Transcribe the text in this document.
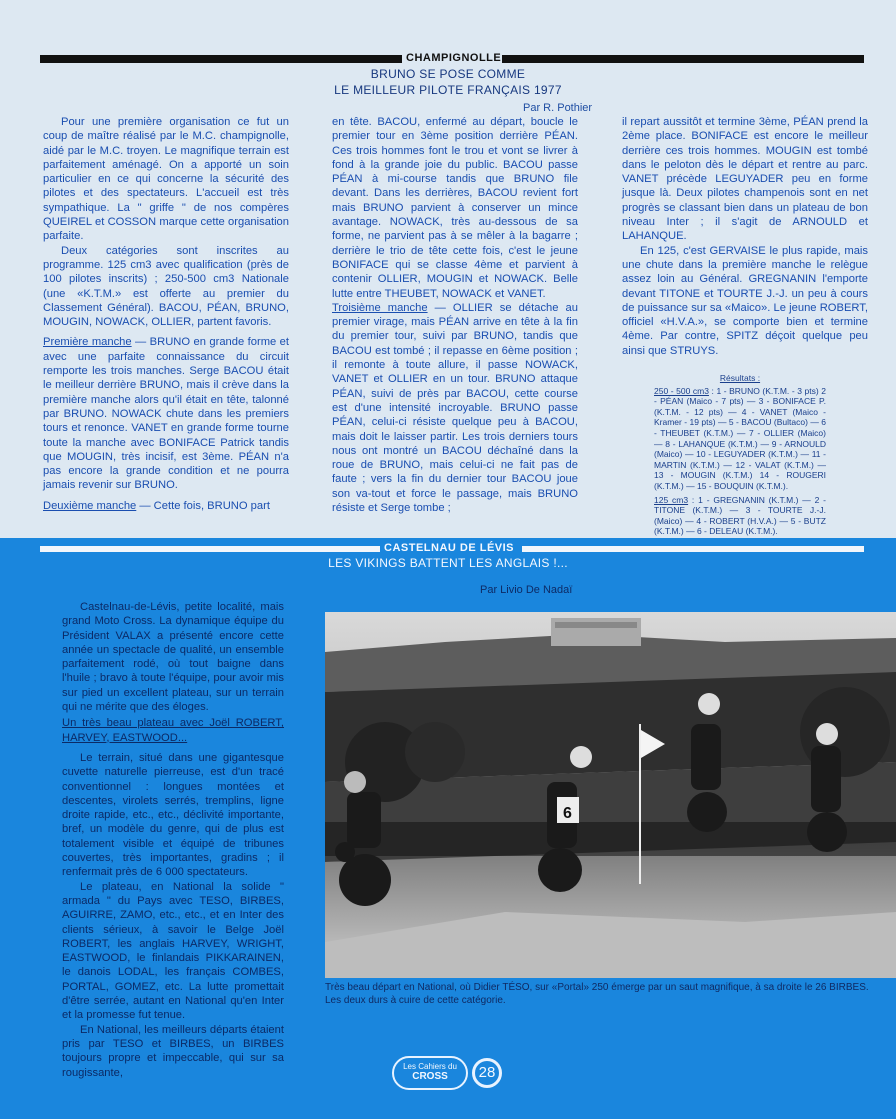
CHAMPIGNOLLE
BRUNO SE POSE COMME
LE MEILLEUR PILOTE FRANÇAIS 1977
Par R. Pothier

Pour une première organisation ce fut un coup de maître réalisé par le M.C. champignolle, aidé par le M.C. troyen. Le magnifique terrain est parfaitement aménagé. On a apporté un soin particulier en ce qui concerne la sécurité des pilotes et des spectateurs. L'accueil est très sympathique. La " griffe " de nos compères QUEIREL et COSSON marque cette organisation parfaite.

Deux catégories sont inscrites au programme. 125 cm3 avec qualification (près de 100 pilotes inscrits) ; 250-500 cm3 Nationale (une «K.T.M.» est offerte au premier du Classement Général). BACOU, PÉAN, BRUNO, MOUGIN, NOWACK, OLLIER, partent favoris.

Première manche — BRUNO en grande forme et avec une parfaite connaissance du circuit remporte les trois manches. Serge BACOU était le meilleur derrière BRUNO, mais il crève dans la première manche alors qu'il était en tête, talonné par BRUNO. NOWACK chute dans les premiers tours et renonce. VANET en grande forme tourne toute la manche avec BONIFACE Patrick tandis que MOUGIN, très incisif, est 3ème. PÉAN n'a pas encore la grande condition et ne pourra jamais revenir sur BRUNO.
Deuxième manche — Cette fois, BRUNO part
en tête. BACOU, enfermé au départ, boucle le premier tour en 3ème position derrière PÉAN. Ces trois hommes font le trou et vont se livrer à fond à la grande joie du public. BACOU passe PÉAN à mi-course tandis que BRUNO file devant. Dans les derrières, BACOU revient fort mais BRUNO parvient à conserver un mince avantage. NOWACK, très au-dessous de sa forme, ne parvient pas à se mêler à la bagarre ; derrière le trio de tête cette fois, c'est le jeune BONIFACE qui se classe 4ème et parvient à contenir OLLIER, MOUGIN et NOWACK. Belle lutte entre THEUBET, NOWACK et VANET.
Troisième manche — OLLIER se détache au premier virage, mais PÉAN arrive en tête à la fin du premier tour, suivi par BRUNO, tandis que BACOU est tombé ; il repasse en 6ème position ; il remonte à toute allure, il passe NOWACK, VANET et OLLIER en un tour. BRUNO attaque PÉAN, suivi de près par BACOU, cette course est d'une intensité incroyable. BRUNO passe PÉAN, celui-ci résiste quelque peu à BACOU, mais doit le laisser partir. Les trois derniers tours nous ont montré un BACOU déchaîné dans la roue de BRUNO, mais celui-ci ne fait pas de faute ; vers la fin du dernier tour BACOU joue son va-tout et force le passage, mais BRUNO résiste et Serge tombe ;
il repart aussitôt et termine 3ème, PÉAN prend la 2ème place. BONIFACE est encore le meilleur derrière ces trois hommes. MOUGIN est tombé dans le peloton dès le départ et rentre au parc. VANET précède LEGUYADER peu en forme jusque là. Deux pilotes champenois sont en net progrès se classant bien dans un plateau de bon niveau Inter ; il s'agit de ARNOULD et LAHANQUE.

En 125, c'est GERVAISE le plus rapide, mais une chute dans la première manche le relègue assez loin au Général. GREGNANIN l'emporte devant TITONE et TOURTE J.-J. un peu à cours de puissance sur sa «Maico». Le jeune ROBERT, officiel «H.V.A.», se comporte bien et termine 4ème. Par contre, SPITZ déçoit quelque peu ainsi que STRUYS.

Résultats :
250 - 500 cm3 : 1 - BRUNO (K.T.M. - 3 pts) 2 - PÉAN (Maico - 7 pts) — 3 - BONIFACE P. (K.T.M. - 12 pts) — 4 - VANET (Maico - Kramer - 19 pts) — 5 - BACOU (Bultaco) — 6 - THEUBET (K.T.M.) — 7 - OLLIER (Maico) — 8 - LAHANQUE (K.T.M.) — 9 - ARNOULD (Maico) — 10 - LEGUYADER (K.T.M.) — 11 - MARTIN (K.T.M.) — 12 - VALAT (K.T.M.) — 13 - MOUGIN (K.T.M.) 14 - ROUGERI (K.T.M.) — 15 - BOUQUIN (K.T.M.).
125 cm3 : 1 - GREGNANIN (K.T.M.) — 2 - TITONE (K.T.M.) — 3 - TOURTE J.-J. (Maico) — 4 - ROBERT (H.V.A.) — 5 - BUTZ (K.T.M.) — 6 - DELEAU (K.T.M.).
CASTELNAU DE LÉVIS
LES VIKINGS BATTENT LES ANGLAIS !...
Par Livio De Nadaï

Castelnau-de-Lévis, petite localité, mais grand Moto Cross. La dynamique équipe du Président VALAX a présenté encore cette année un spectacle de qualité, un ensemble parfaitement rodé, où tout baigne dans l'huile ; bravo à toute l'équipe, pour avoir mis sur pied un excellent plateau, sur un terrain qui ne mérite que des éloges.

Un très beau plateau avec Joël ROBERT, HARVEY, EASTWOOD...

Le terrain, situé dans une gigantesque cuvette naturelle pierreuse, est d'un tracé conventionnel : longues montées et descentes, virolets serrés, tremplins, ligne droite rapide, etc., etc., déclivité importante, bref, un modèle du genre, qui de plus est totalement visible et équipé de tribunes couvertes, très importantes, gradins ; il renfermait près de 6 000 spectateurs.

Le plateau, en National la solide " armada " du Pays avec TESO, BIRBES, AGUIRRE, ZAMO, etc., etc., et en Inter des clients sérieux, à savoir le Belge Joël ROBERT, les anglais HARVEY, WRIGHT, EASTWOOD, le finlandais PIKKARAINEN, le danois LODAL, les français COMBES, PORTAL, GOMEZ, etc. La lutte promettait d'être serrée, autant en National qu'en Inter et la promesse fut tenue.

En National, les meilleurs départs étaient pris par TESO et BIRBES, un BIRBES toujours propre et impeccable, qui sur sa rougissante,

6
Très beau départ en National, où Didier TÉSO, sur «Portal» 250 émerge par un saut magnifique, à sa droite le 26 BIRBES. Les deux durs à cuire de cette catégorie.
Les Cahiers du
CROSS	28
